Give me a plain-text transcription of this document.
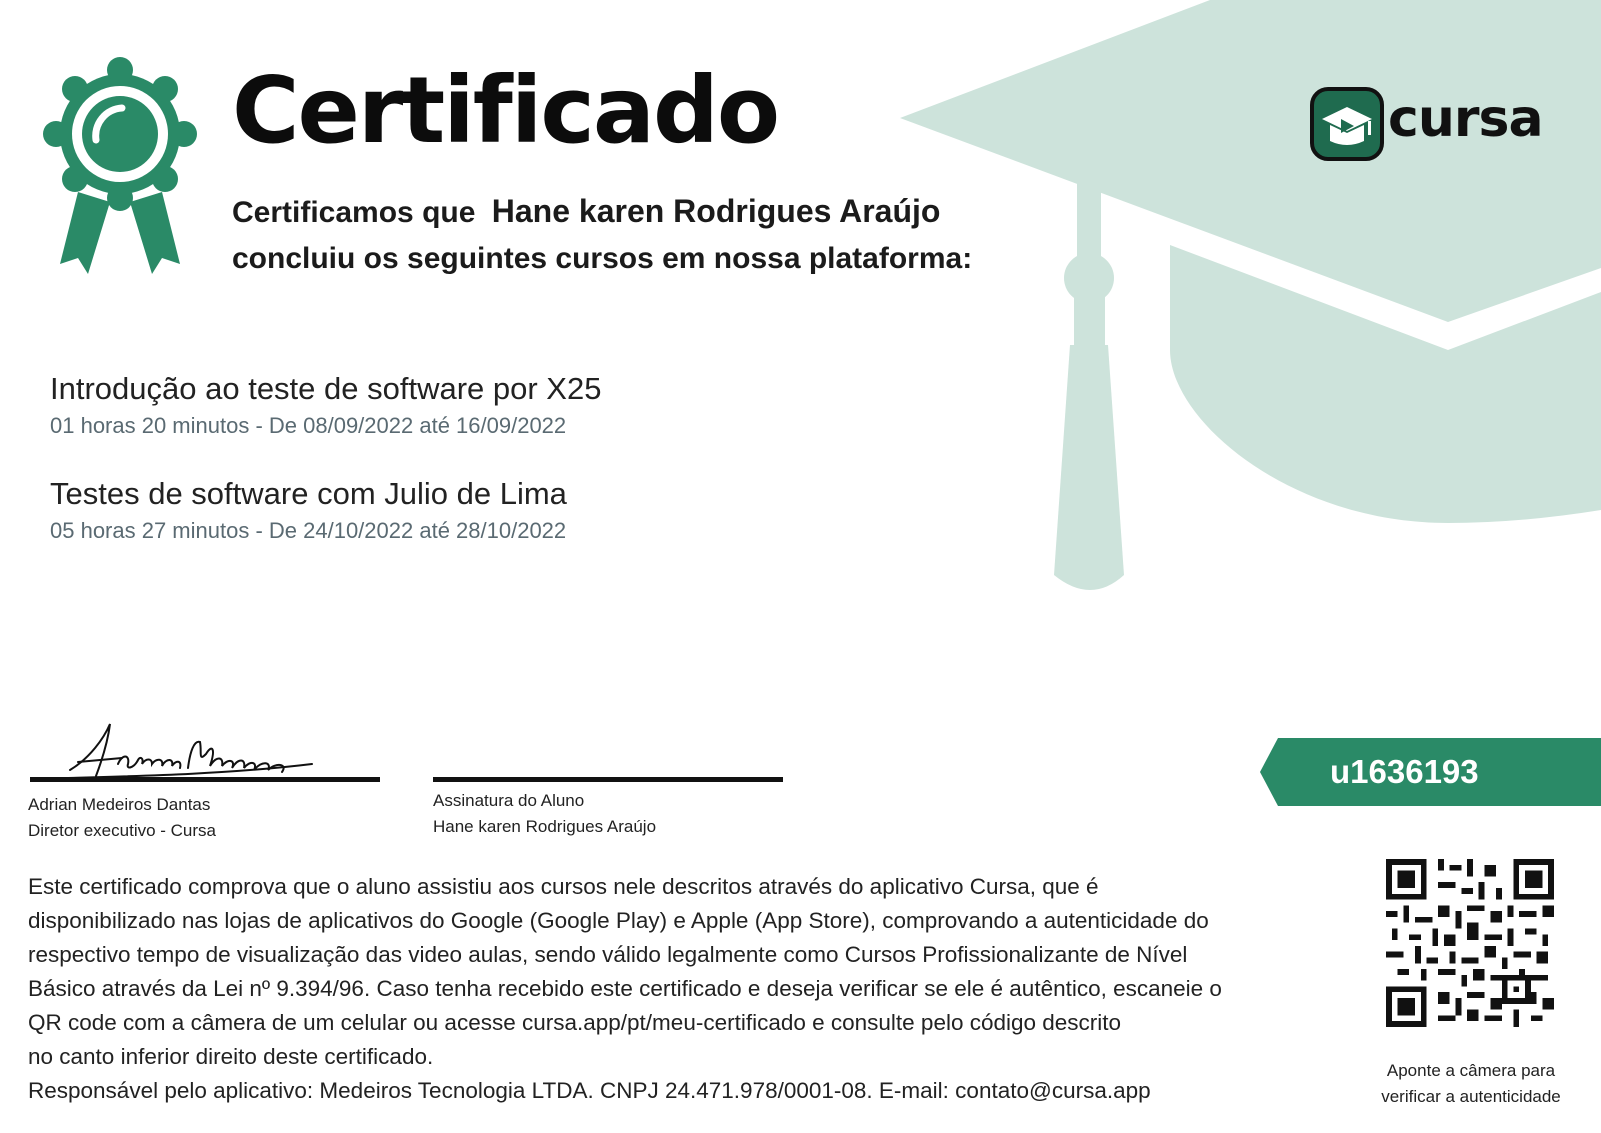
Certificado
Certificamos que Hane karen Rodrigues Araújo
concluiu os seguintes cursos em nossa plataforma:
cursa
Introdução ao teste de software por X25
01 horas 20 minutos - De 08/09/2022 até 16/09/2022
Testes de software com Julio de Lima
05 horas 27 minutos - De 24/10/2022 até 28/10/2022
Adrian Medeiros Dantas
Diretor executivo - Cursa
Assinatura do Aluno
Hane karen Rodrigues Araújo
u1636193
Aponte a câmera para
verificar a autenticidade

Este certificado comprova que o aluno assistiu aos cursos nele descritos através do aplicativo Cursa, que é

disponibilizado nas lojas de aplicativos do Google (Google Play) e Apple (App Store), comprovando a autenticidade do

respectivo tempo de visualização das video aulas, sendo válido legalmente como Cursos Profissionalizante de Nível

Básico através da Lei nº 9.394/96. Caso tenha recebido este certificado e deseja verificar se ele é autêntico, escaneie o

QR code com a câmera de um celular ou acesse cursa.app/pt/meu-certificado e consulte pelo código descrito

no canto inferior direito deste certificado.

Responsável pelo aplicativo: Medeiros Tecnologia LTDA. CNPJ 24.471.978/0001-08. E-mail: contato@cursa.app
